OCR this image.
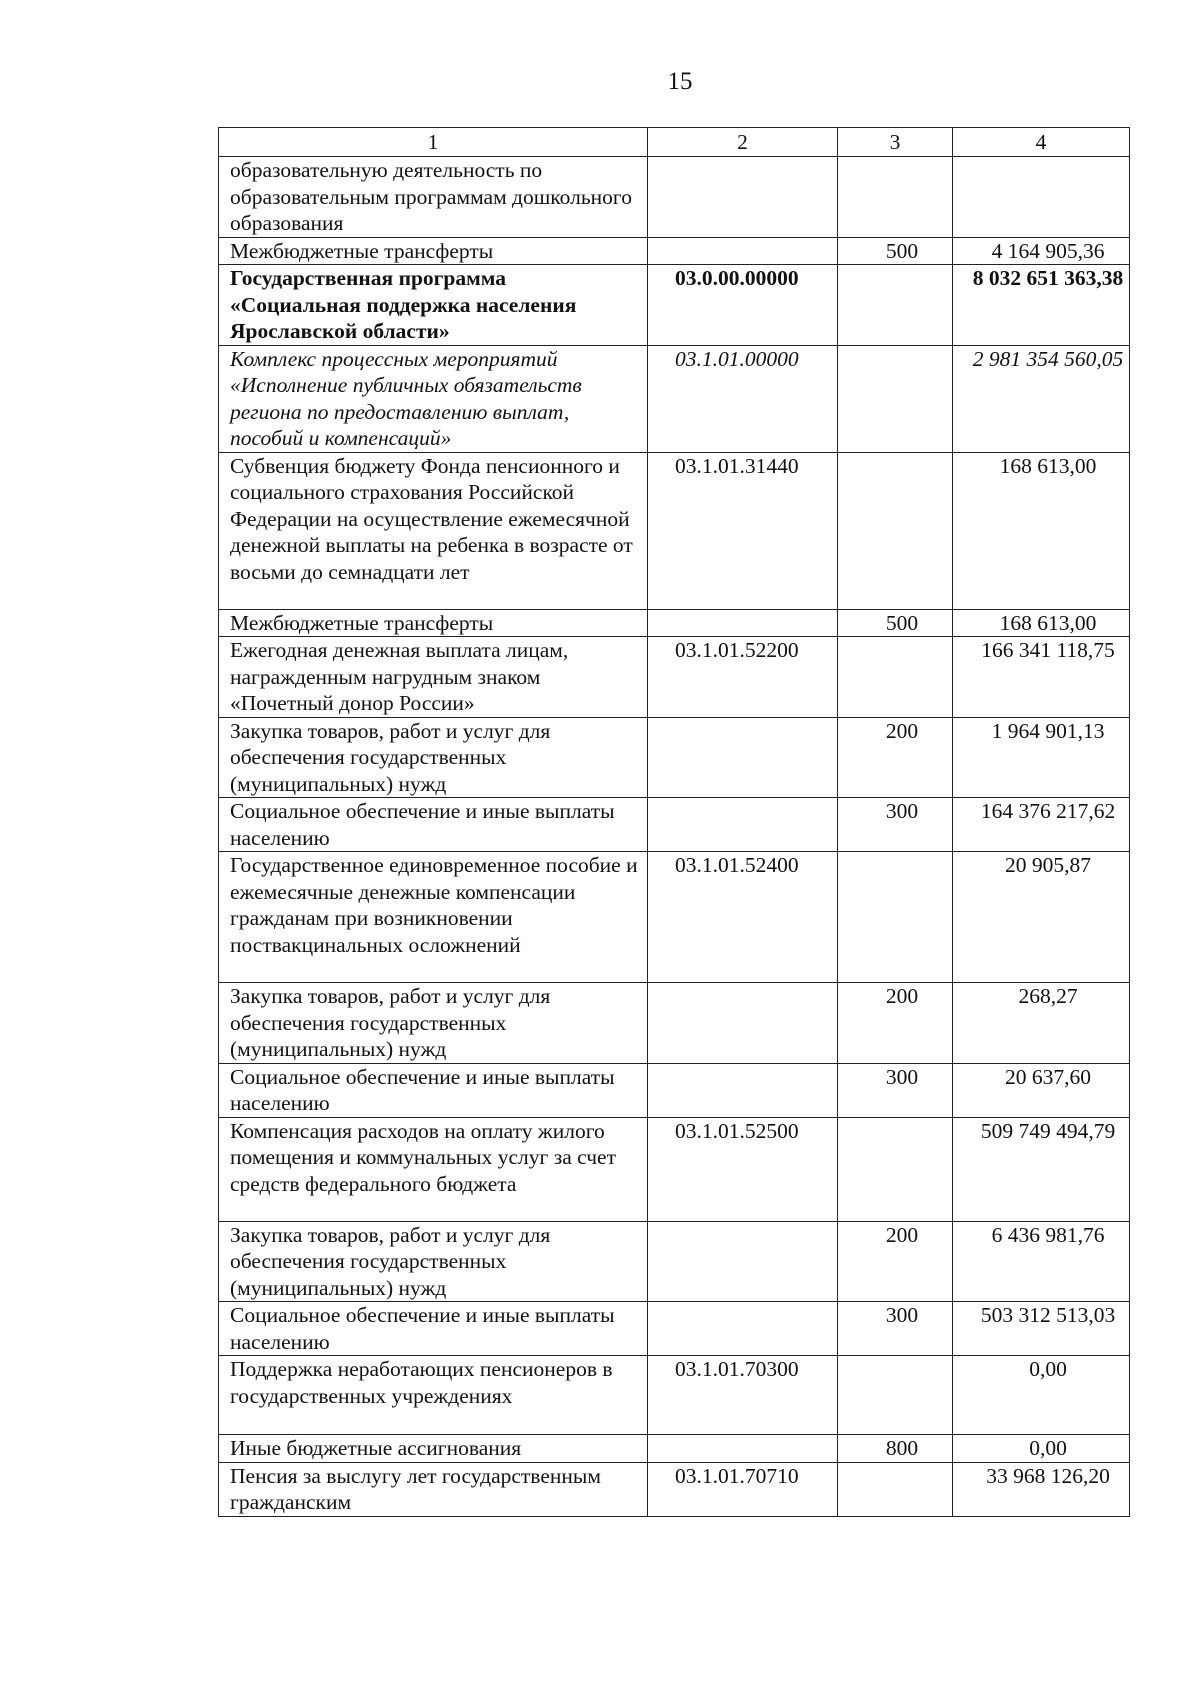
15
1	2	3	4
образовательную деятельность по образовательным программам дошкольного образования			
Межбюджетные трансферты		500	4 164 905,36
Государственная программа «Социальная поддержка населения Ярославской области»	03.0.00.00000		8 032 651 363,38
Комплекс процессных мероприятий «Исполнение публичных обязательств региона по предоставлению выплат, пособий и компенсаций»	03.1.01.00000		2 981 354 560,05
Субвенция бюджету Фонда пенсионного и социального страхования Российской Федерации на осуществление ежемесячной денежной выплаты на ребенка в возрасте от восьми до семнадцати лет	03.1.01.31440		168 613,00
Межбюджетные трансферты		500	168 613,00
Ежегодная денежная выплата лицам, награжденным нагрудным знаком «Почетный донор России»	03.1.01.52200		166 341 118,75
Закупка товаров, работ и услуг для обеспечения государственных (муниципальных) нужд		200	1 964 901,13
Социальное обеспечение и иные выплаты населению		300	164 376 217,62
Государственное единовременное пособие и ежемесячные денежные компенсации гражданам при возникновении поствакцинальных осложнений	03.1.01.52400		20 905,87
Закупка товаров, работ и услуг для обеспечения государственных (муниципальных) нужд		200	268,27
Социальное обеспечение и иные выплаты населению		300	20 637,60
Компенсация расходов на оплату жилого помещения и коммунальных услуг за счет средств федерального бюджета	03.1.01.52500		509 749 494,79
Закупка товаров, работ и услуг для обеспечения государственных (муниципальных) нужд		200	6 436 981,76
Социальное обеспечение и иные выплаты населению		300	503 312 513,03
Поддержка неработающих пенсионеров в государственных учреждениях	03.1.01.70300		0,00
Иные бюджетные ассигнования		800	0,00
Пенсия за выслугу лет государственным гражданским	03.1.01.70710		33 968 126,20
